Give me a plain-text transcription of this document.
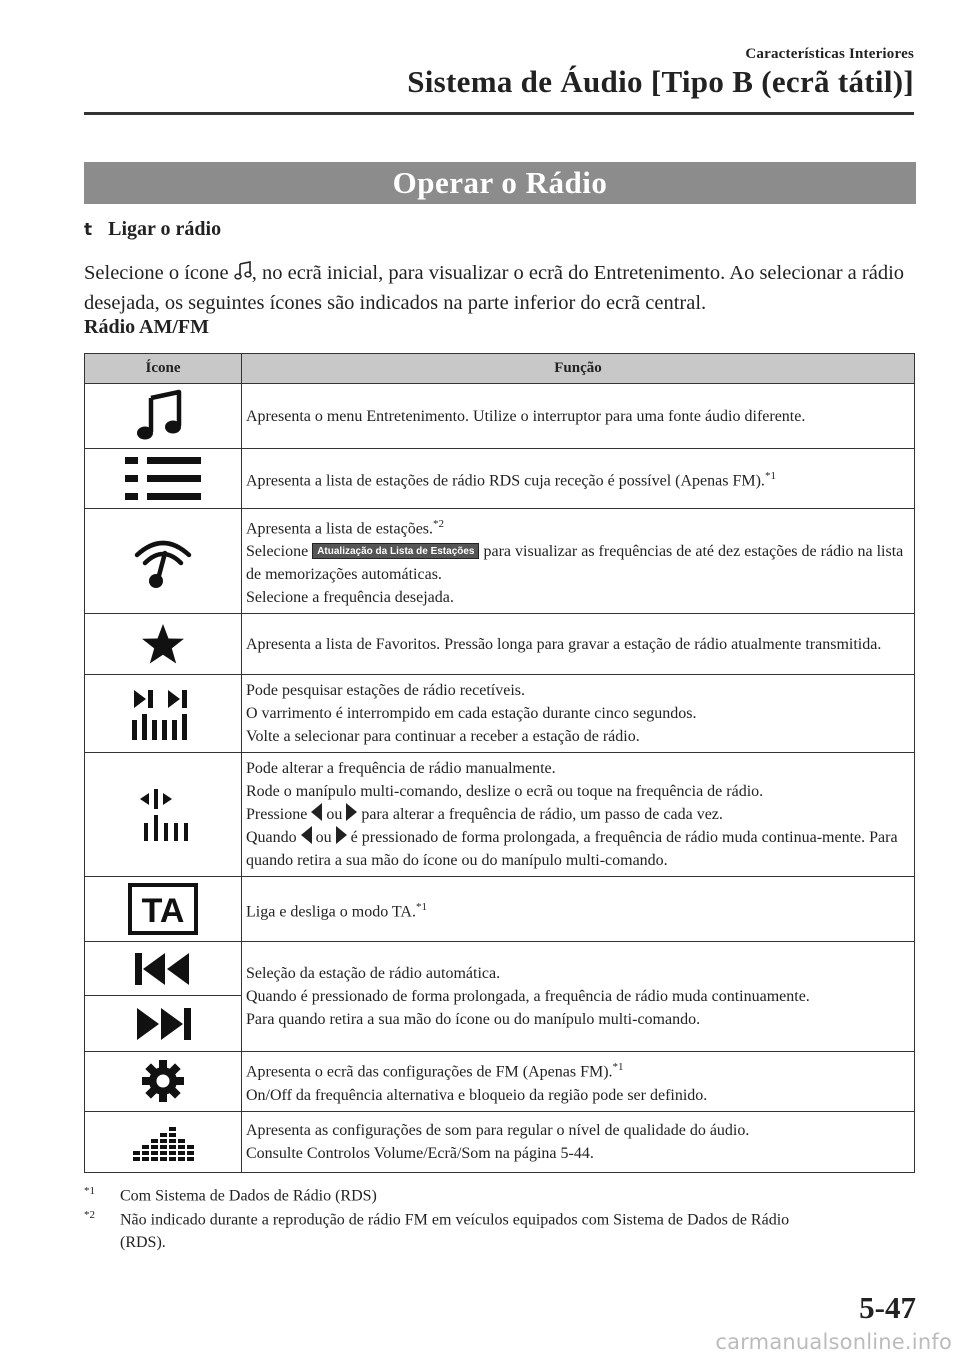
Características Interiores
Sistema de Áudio [Tipo B (ecrã tátil)]
Operar o Rádio
t Ligar o rádio
Selecione o ícone , no ecrã inicial, para visualizar o ecrã do Entretenimento. Ao selecionar a rádio desejada, os seguintes ícones são indicados na parte inferior do ecrã central.
Rádio AM/FM
Ícone	Função

	Apresenta o menu Entretenimento. Utilize o interruptor para uma fonte áudio diferente.

	Apresenta a lista de estações de rádio RDS cuja receção é possível (Apenas FM).$^{*1}$

	Apresenta a lista de estações.$^{*2}$
Selecione Atualização da Lista de Estações para visualizar as frequências de até dez estações de rádio na lista de memorizações automáticas.
Selecione a frequência desejada.

	Apresenta a lista de Favoritos. Pressão longa para gravar a estação de rádio atualmente transmitida.

	Pode pesquisar estações de rádio recetíveis.
O varrimento é interrompido em cada estação durante cinco segundos.
Volte a selecionar para continuar a receber a estação de rádio.

	Pode alterar a frequência de rádio manualmente.
Rode o manípulo multi-comando, deslize o ecrã ou toque na frequência de rádio.
Pressione  ou  para alterar a frequência de rádio, um passo de cada vez.
Quando  ou  é pressionado de forma prolongada, a frequência de rádio muda continua-mente. Para quando retira a sua mão do ícone ou do manípulo multi-comando.

TA	Liga e desliga o modo TA.$^{*1}$

	Seleção da estação de rádio automática.
Quando é pressionado de forma prolongada, a frequência de rádio muda continuamente.
Para quando retira a sua mão do ícone ou do manípulo multi-comando.

	Apresenta o ecrã das configurações de FM (Apenas FM).$^{*1}$
On/Off da frequência alternativa e bloqueio da região pode ser definido.

	Apresenta as configurações de som para regular o nível de qualidade do áudio.
Consulte Controlos Volume/Ecrã/Som na página 5-44.
$^{*1}$ Com Sistema de Dados de Rádio (RDS)
$^{*2}$ Não indicado durante a reprodução de rádio FM em veículos equipados com Sistema de Dados de Rádio
(RDS).
5-47
carmanualsonline.info
